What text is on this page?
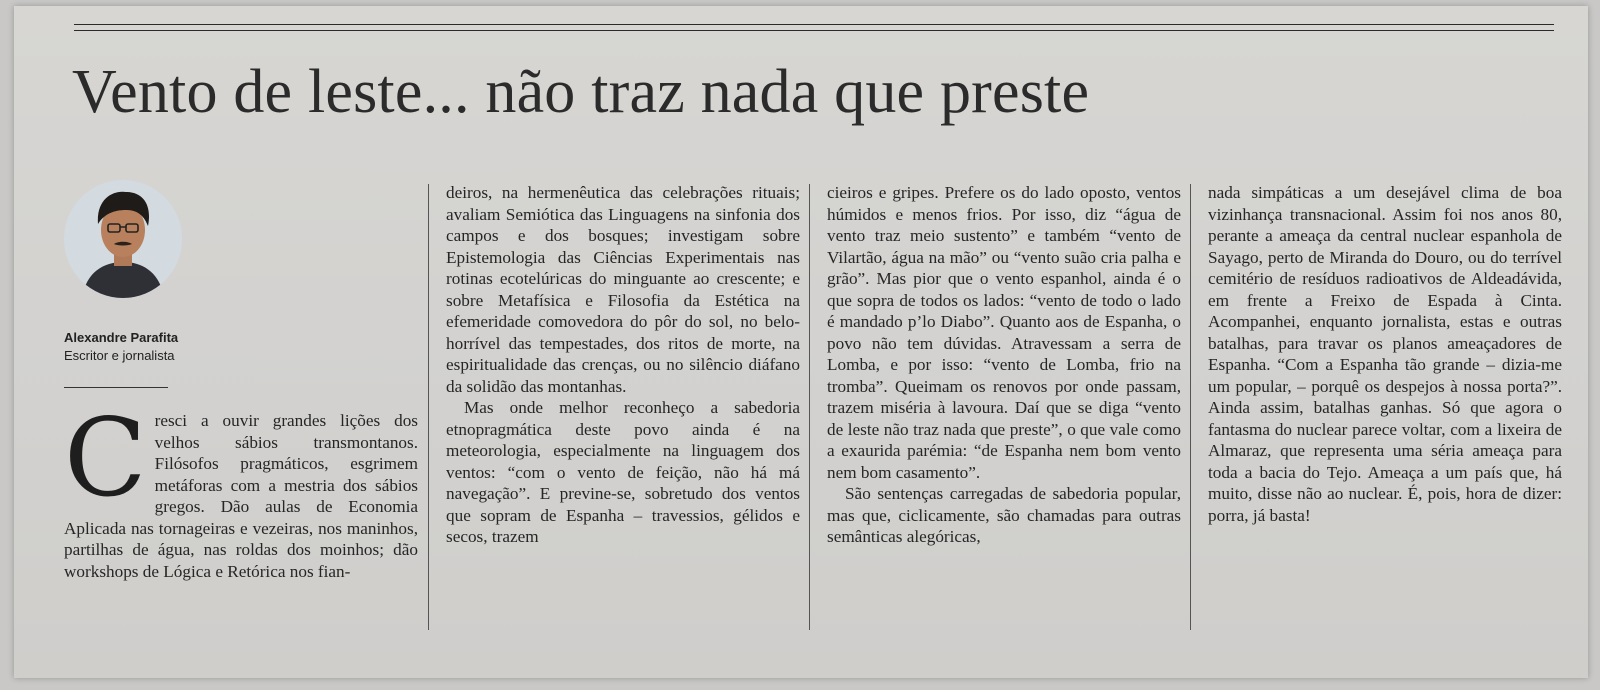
Vento de leste... não traz nada que preste
Alexandre Parafita
Escritor e jornalista
C resci a ouvir grandes lições dos velhos sábios transmontanos. Filósofos pragmáticos, esgrimem metáforas com a mestria dos sábios gregos. Dão aulas de Economia Aplicada nas tornageiras e vezeiras, nos maninhos, partilhas de água, nas roldas dos moinhos; dão workshops de Lógica e Retórica nos fian-

deiros, na hermenêutica das celebrações rituais; avaliam Semiótica das Linguagens na sinfonia dos campos e dos bosques; investigam sobre Epistemologia das Ciências Experimentais nas rotinas ecotelúricas do minguante ao crescente; e sobre Metafísica e Filosofia da Estética na efemeridade comovedora do pôr do sol, no belo-horrível das tempestades, dos ritos de morte, na espiritualidade das crenças, ou no silêncio diáfano da solidão das montanhas.

Mas onde melhor reconheço a sabedoria etnopragmática deste povo ainda é na meteorologia, especialmente na linguagem dos ventos: “com o vento de feição, não há má navegação”. E previne-se, sobretudo dos ventos que sopram de Espanha – travessios, gélidos e secos, trazem

cieiros e gripes. Prefere os do lado oposto, ventos húmidos e menos frios. Por isso, diz “água de vento traz meio sustento” e também “vento de Vilartão, água na mão” ou “vento suão cria palha e grão”. Mas pior que o vento espanhol, ainda é o que sopra de todos os lados: “vento de todo o lado é mandado p’lo Diabo”. Quanto aos de Espanha, o povo não tem dúvidas. Atravessam a serra de Lomba, e por isso: “vento de Lomba, frio na tromba”. Queimam os renovos por onde passam, trazem miséria à lavoura. Daí que se diga “vento de leste não traz nada que preste”, o que vale como a exaurida parémia: “de Espanha nem bom vento nem bom casamento”.

São sentenças carregadas de sabedoria popular, mas que, ciclicamente, são chamadas para outras semânticas alegóricas,

nada simpáticas a um desejável clima de boa vizinhança transnacional. Assim foi nos anos 80, perante a ameaça da central nuclear espanhola de Sayago, perto de Miranda do Douro, ou do terrível cemitério de resíduos radioativos de Aldeadávida, em frente a Freixo de Espada à Cinta. Acompanhei, enquanto jornalista, estas e outras batalhas, para travar os planos ameaçadores de Espanha. “Com a Espanha tão grande – dizia-me um popular, – porquê os despejos à nossa porta?”. Ainda assim, batalhas ganhas. Só que agora o fantasma do nuclear parece voltar, com a lixeira de Almaraz, que representa uma séria ameaça para toda a bacia do Tejo. Ameaça a um país que, há muito, disse não ao nuclear. É, pois, hora de dizer: porra, já basta!
